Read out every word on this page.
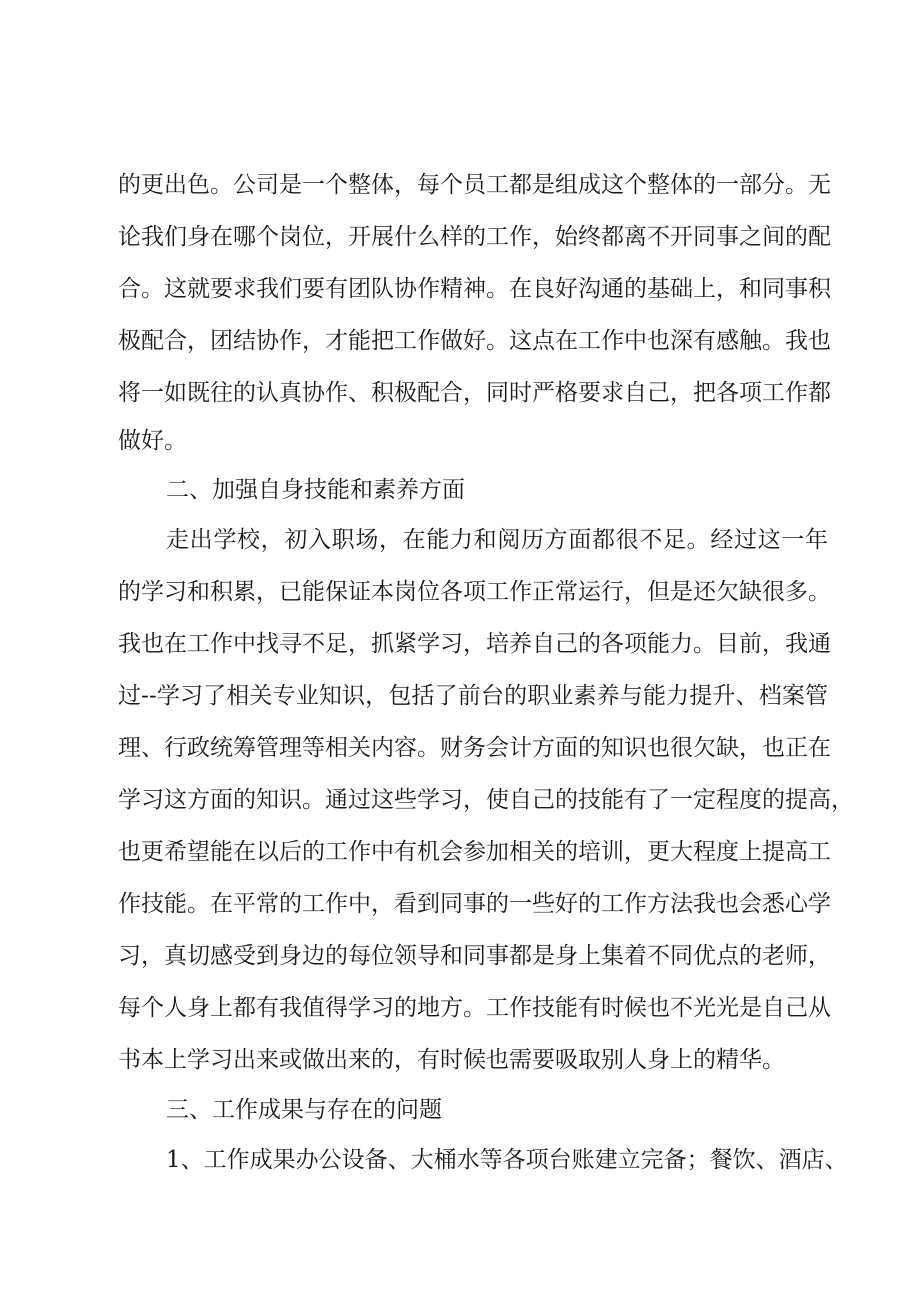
的更出色。公司是一个整体，每个员工都是组成这个整体的一部分。无
论我们身在哪个岗位，开展什么样的工作，始终都离不开同事之间的配
合。这就要求我们要有团队协作精神。在良好沟通的基础上，和同事积
极配合，团结协作，才能把工作做好。这点在工作中也深有感触。我也
将一如既往的认真协作、积极配合，同时严格要求自己，把各项工作都
做好。
二、加强自身技能和素养方面
走出学校，初入职场，在能力和阅历方面都很不足。经过这一年
的学习和积累，已能保证本岗位各项工作正常运行，但是还欠缺很多。
我也在工作中找寻不足，抓紧学习，培养自己的各项能力。目前，我通
过--学习了相关专业知识，包括了前台的职业素养与能力提升、档案管
理、行政统筹管理等相关内容。财务会计方面的知识也很欠缺，也正在
学习这方面的知识。通过这些学习，使自己的技能有了一定程度的提高，
也更希望能在以后的工作中有机会参加相关的培训，更大程度上提高工
作技能。在平常的工作中，看到同事的一些好的工作方法我也会悉心学
习，真切感受到身边的每位领导和同事都是身上集着不同优点的老师，
每个人身上都有我值得学习的地方。工作技能有时候也不光光是自己从
书本上学习出来或做出来的，有时候也需要吸取别人身上的精华。
三、工作成果与存在的问题
1、工作成果办公设备、大桶水等各项台账建立完备；餐饮、酒店、
